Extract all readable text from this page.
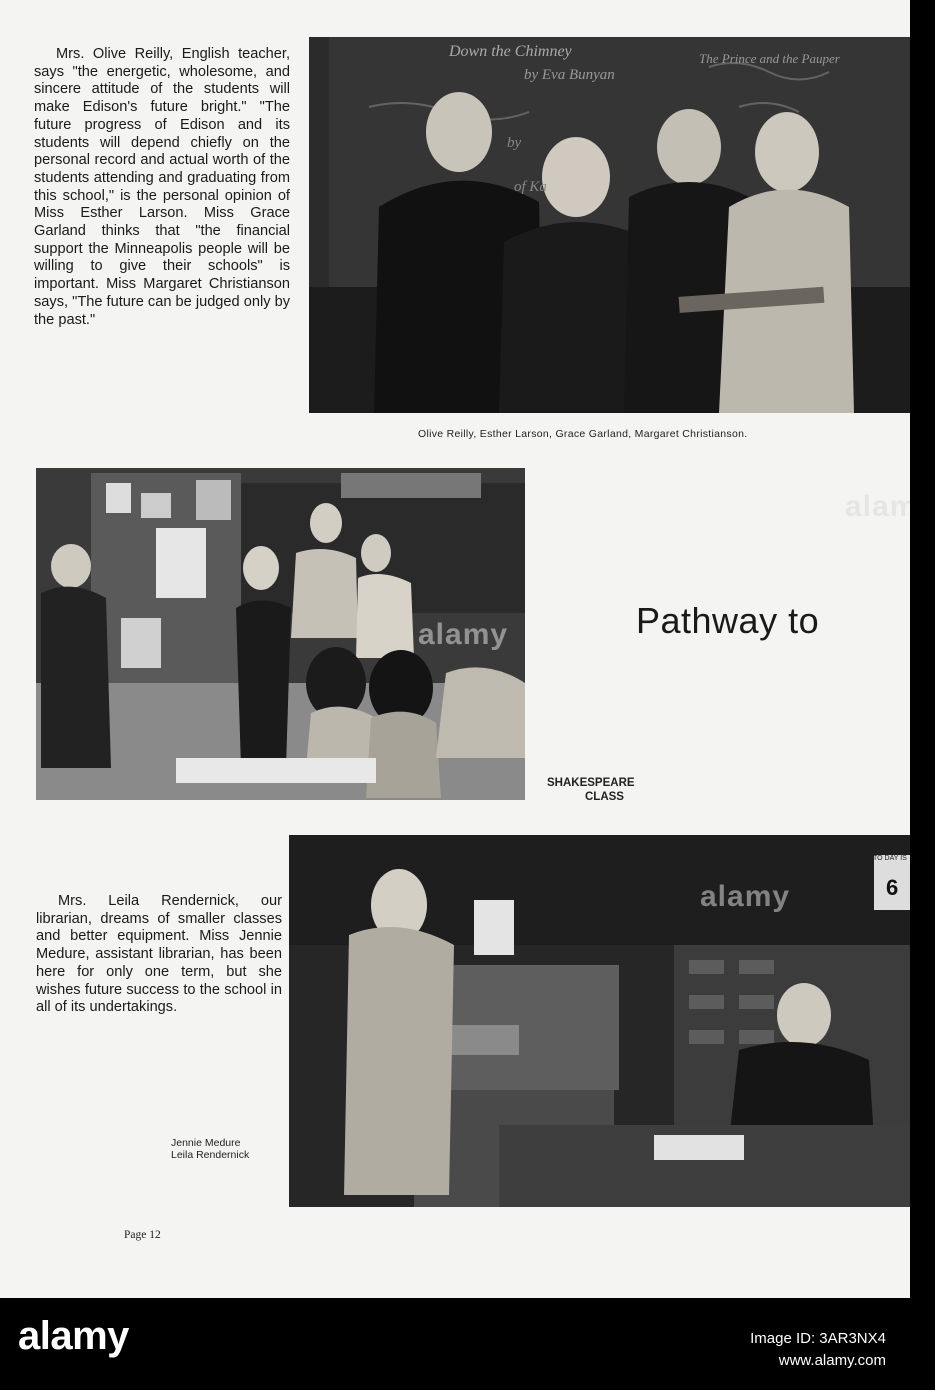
Mrs. Olive Reilly, English teacher, says "the energetic, wholesome, and sincere attitude of the students will make Edison's future bright." "The future progress of Edison and its students will depend chiefly on the personal record and actual worth of the students attending and graduating from this school," is the personal opinion of Miss Esther Larson. Miss Grace Garland thinks that "the financial support the Minneapolis people will be willing to give their schools" is important. Miss Margaret Christianson says, "The future can be judged only by the past."

Down the Chimney
by Eva Bunyan
The Prince and the Pauper
by
of Ka

Olive Reilly, Esther Larson, Grace Garland, Margaret Christianson.

Pathway to

SHAKESPEARE

CLASS

TO DAY IS
6

Mrs. Leila Rendernick, our librarian, dreams of smaller classes and better equipment. Miss Jennie Medure, assistant librarian, has been here for only one term, but she wishes future success to the school in all of its undertakings.

Jennie Medure

Leila Rendernick

Page 12

alamy
alamy
alamy
alamy	Image ID: 3AR3NX4
www.alamy.com
